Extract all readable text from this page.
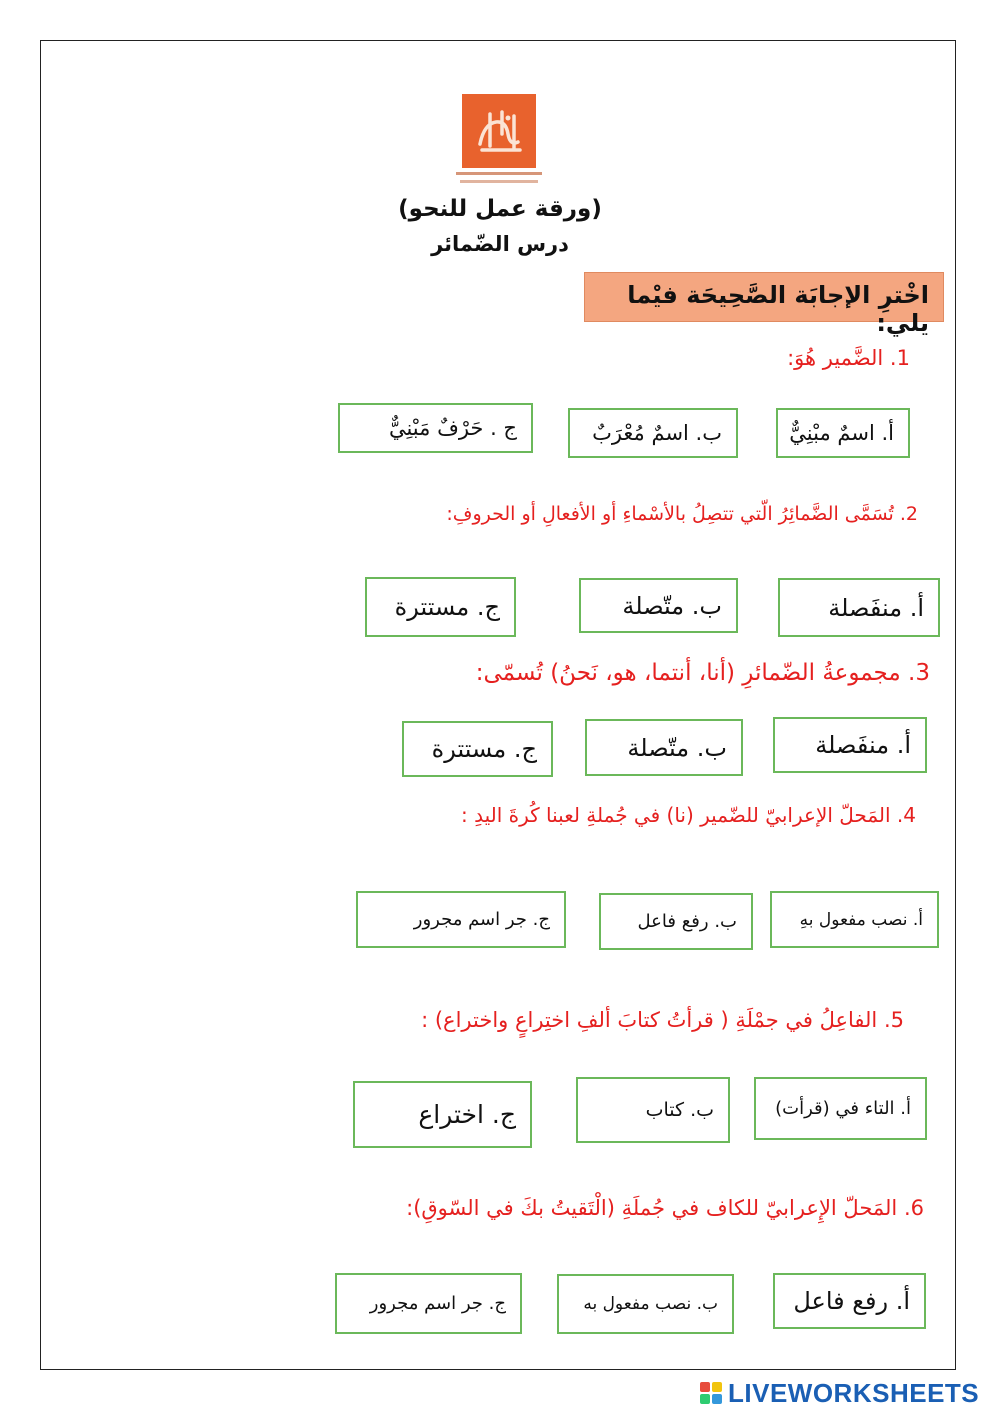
(ورقة عمل للنحو)
درس الضّمائر
اخْترِ الإجابَة الصَّحِيحَة فيْما يلي:
1. الضَّمير هُوَ:
أ. اسمٌ مبْنِيٌّ
ب. اسمٌ مُعْرَبٌ
ج . حَرْفٌ مَبْنِيٌّ
2. تُسَمَّى الضَّمائِرُ الّتي تتصِلُ بالأسْماءِ أو الأفعالِ أو الحروفِ:
أ. منفَصلة
ب. متّصلة
ج. مستترة
3. مجموعةُ الضّمائرِ (أنا، أنتما، هو، نَحنُ) تُسمّى:
أ. منفَصلة
ب. متّصلة
ج. مستترة
4. المَحلّ الإعرابيّ للضّمير (نا) في جُملةِ لعبنا كُرةَ اليدِ :
أ. نصب مفعول بهِ
ب. رفع فاعل
ج. جر اسم مجرور
5. الفاعِلُ في جمْلَةِ ( قرأتُ كتابَ ألفِ اختِراعٍ واختراع) :
أ. التاء في (قرأت)
ب. كتاب
ج. اختراع
6. المَحلّ الإِعرابيّ للكاف في جُملَةِ (الْتَقيتُ بكَ في السّوقِ):
أ. رفع فاعل
ب. نصب مفعول به
ج. جر اسم مجرور
LIVEWORKSHEETS
